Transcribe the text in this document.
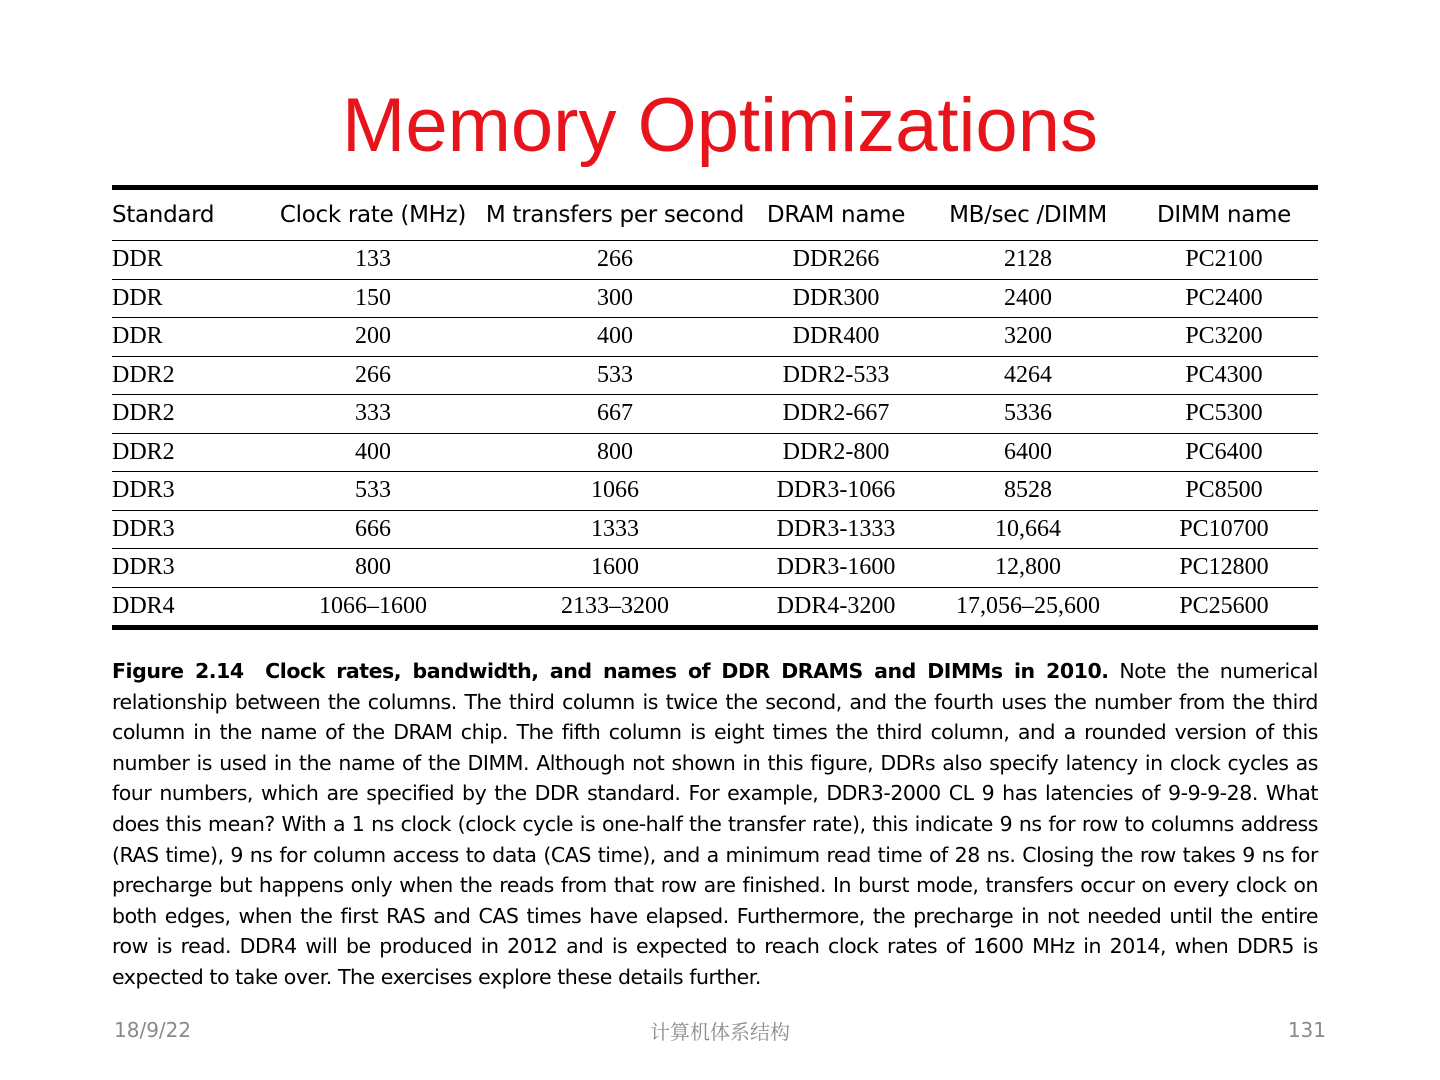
Memory Optimizations
Standard	Clock rate (MHz)	M transfers per second	DRAM name	MB/sec /DIMM	DIMM name
DDR	133	266	DDR266	2128	PC2100
DDR	150	300	DDR300	2400	PC2400
DDR	200	400	DDR400	3200	PC3200
DDR2	266	533	DDR2-533	4264	PC4300
DDR2	333	667	DDR2-667	5336	PC5300
DDR2	400	800	DDR2-800	6400	PC6400
DDR3	533	1066	DDR3-1066	8528	PC8500
DDR3	666	1333	DDR3-1333	10,664	PC10700
DDR3	800	1600	DDR3-1600	12,800	PC12800
DDR4	1066–1600	2133–3200	DDR4-3200	17,056–25,600	PC25600
Figure 2.14 Clock rates, bandwidth, and names of DDR DRAMS and DIMMs in 2010. Note the numerical relationship between the columns. The third column is twice the second, and the fourth uses the number from the third column in the name of the DRAM chip. The fifth column is eight times the third column, and a rounded version of this number is used in the name of the DIMM. Although not shown in this figure, DDRs also specify latency in clock cycles as four numbers, which are specified by the DDR standard. For example, DDR3-2000 CL 9 has latencies of 9-9-9-28. What does this mean? With a 1 ns clock (clock cycle is one-half the transfer rate), this indicate 9 ns for row to columns address (RAS time), 9 ns for column access to data (CAS time), and a minimum read time of 28 ns. Closing the row takes 9 ns for precharge but happens only when the reads from that row are finished. In burst mode, transfers occur on every clock on both edges, when the first RAS and CAS times have elapsed. Furthermore, the precharge in not needed until the entire row is read. DDR4 will be produced in 2012 and is expected to reach clock rates of 1600 MHz in 2014, when DDR5 is expected to take over. The exercises explore these details further.
18/9/22	计算机体系结构	131
